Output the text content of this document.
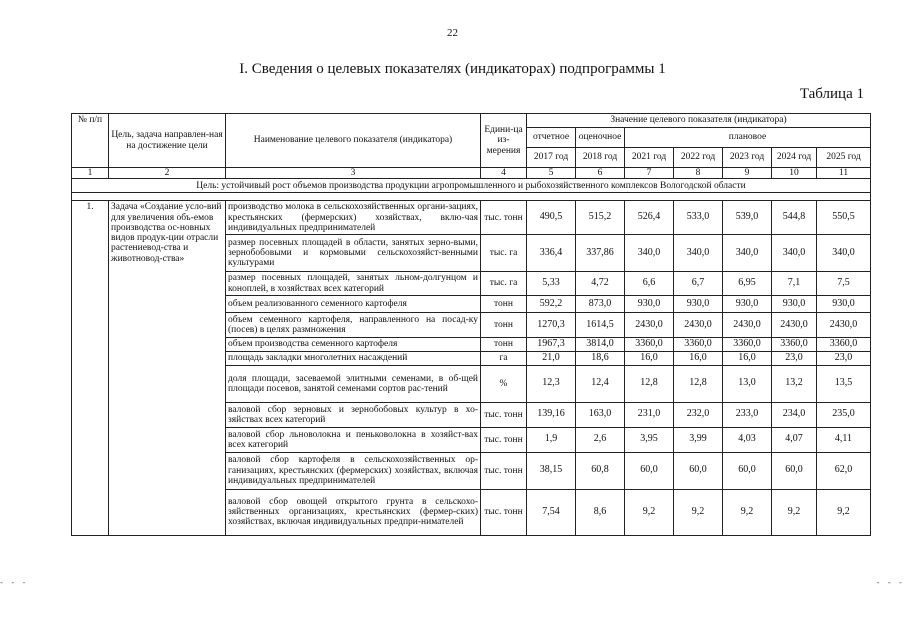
22
I. Сведения о целевых показателях (индикаторах) подпрограммы 1
Таблица 1
№ п/п	Цель, задача направлен-ная на достижение цели	Наименование целевого показателя (индикатора)	Едини-ца из-мерения	Значение целевого показателя (индикатора)						
				отчетное	оценочное	плановое				
				2017 год	2018 год	2021 год	2022 год	2023 год	2024 год	2025 год
1	2	3	4	5	6	7	8	9	10	11
Цель: устойчивый рост объемов производства продукции агропромышленного и рыбохозяйственного комплексов Вологодской области										

1.	Задача «Создание усло-вий для увеличения объ-емов производства ос-новных видов продук-ции отрасли растениевод-ства и животновод-ства»	производство молока в сельскохозяйственных органи-зациях, крестьянских (фермерских) хозяйствах, вклю-чая индивидуальных предпринимателей	тыс. тонн	490,5	515,2	526,4	533,0	539,0	544,8	550,5
		размер посевных площадей в области, занятых зерно-выми, зернобобовыми и кормовыми сельскохозяйст-венными культурами	тыс. га	336,4	337,86	340,0	340,0	340,0	340,0	340,0
		размер посевных площадей, занятых льном-долгунцом и коноплей, в хозяйствах всех категорий	тыс. га	5,33	4,72	6,6	6,7	6,95	7,1	7,5
		объем реализованного семенного картофеля	тонн	592,2	873,0	930,0	930,0	930,0	930,0	930,0
		объем семенного картофеля, направленного на посад-ку (посев) в целях размножения	тонн	1270,3	1614,5	2430,0	2430,0	2430,0	2430,0	2430,0
		объем производства семенного картофеля	тонн	1967,3	3814,0	3360,0	3360,0	3360,0	3360,0	3360,0
		площадь закладки многолетних насаждений	га	21,0	18,6	16,0	16,0	16,0	23,0	23,0
		доля площади, засеваемой элитными семенами, в об-щей площади посевов, занятой семенами сортов рас-тений	%	12,3	12,4	12,8	12,8	13,0	13,2	13,5
		валовой сбор зерновых и зернобобовых культур в хо-зяйствах всех категорий	тыс. тонн	139,16	163,0	231,0	232,0	233,0	234,0	235,0
		валовой сбор льноволокна и пеньковолокна в хозяйст-вах всех категорий	тыс. тонн	1,9	2,6	3,95	3,99	4,03	4,07	4,11
		валовой сбор картофеля в сельскохозяйственных ор-ганизациях, крестьянских (фермерских) хозяйствах, включая индивидуальных предпринимателей	тыс. тонн	38,15	60,8	60,0	60,0	60,0	60,0	62,0
		валовой сбор овощей открытого грунта в сельскохо-зяйственных организациях, крестьянских (фермер-ских) хозяйствах, включая индивидуальных предпри-нимателей	тыс. тонн	7,54	8,6	9,2	9,2	9,2	9,2	9,2
- - -	- - -
